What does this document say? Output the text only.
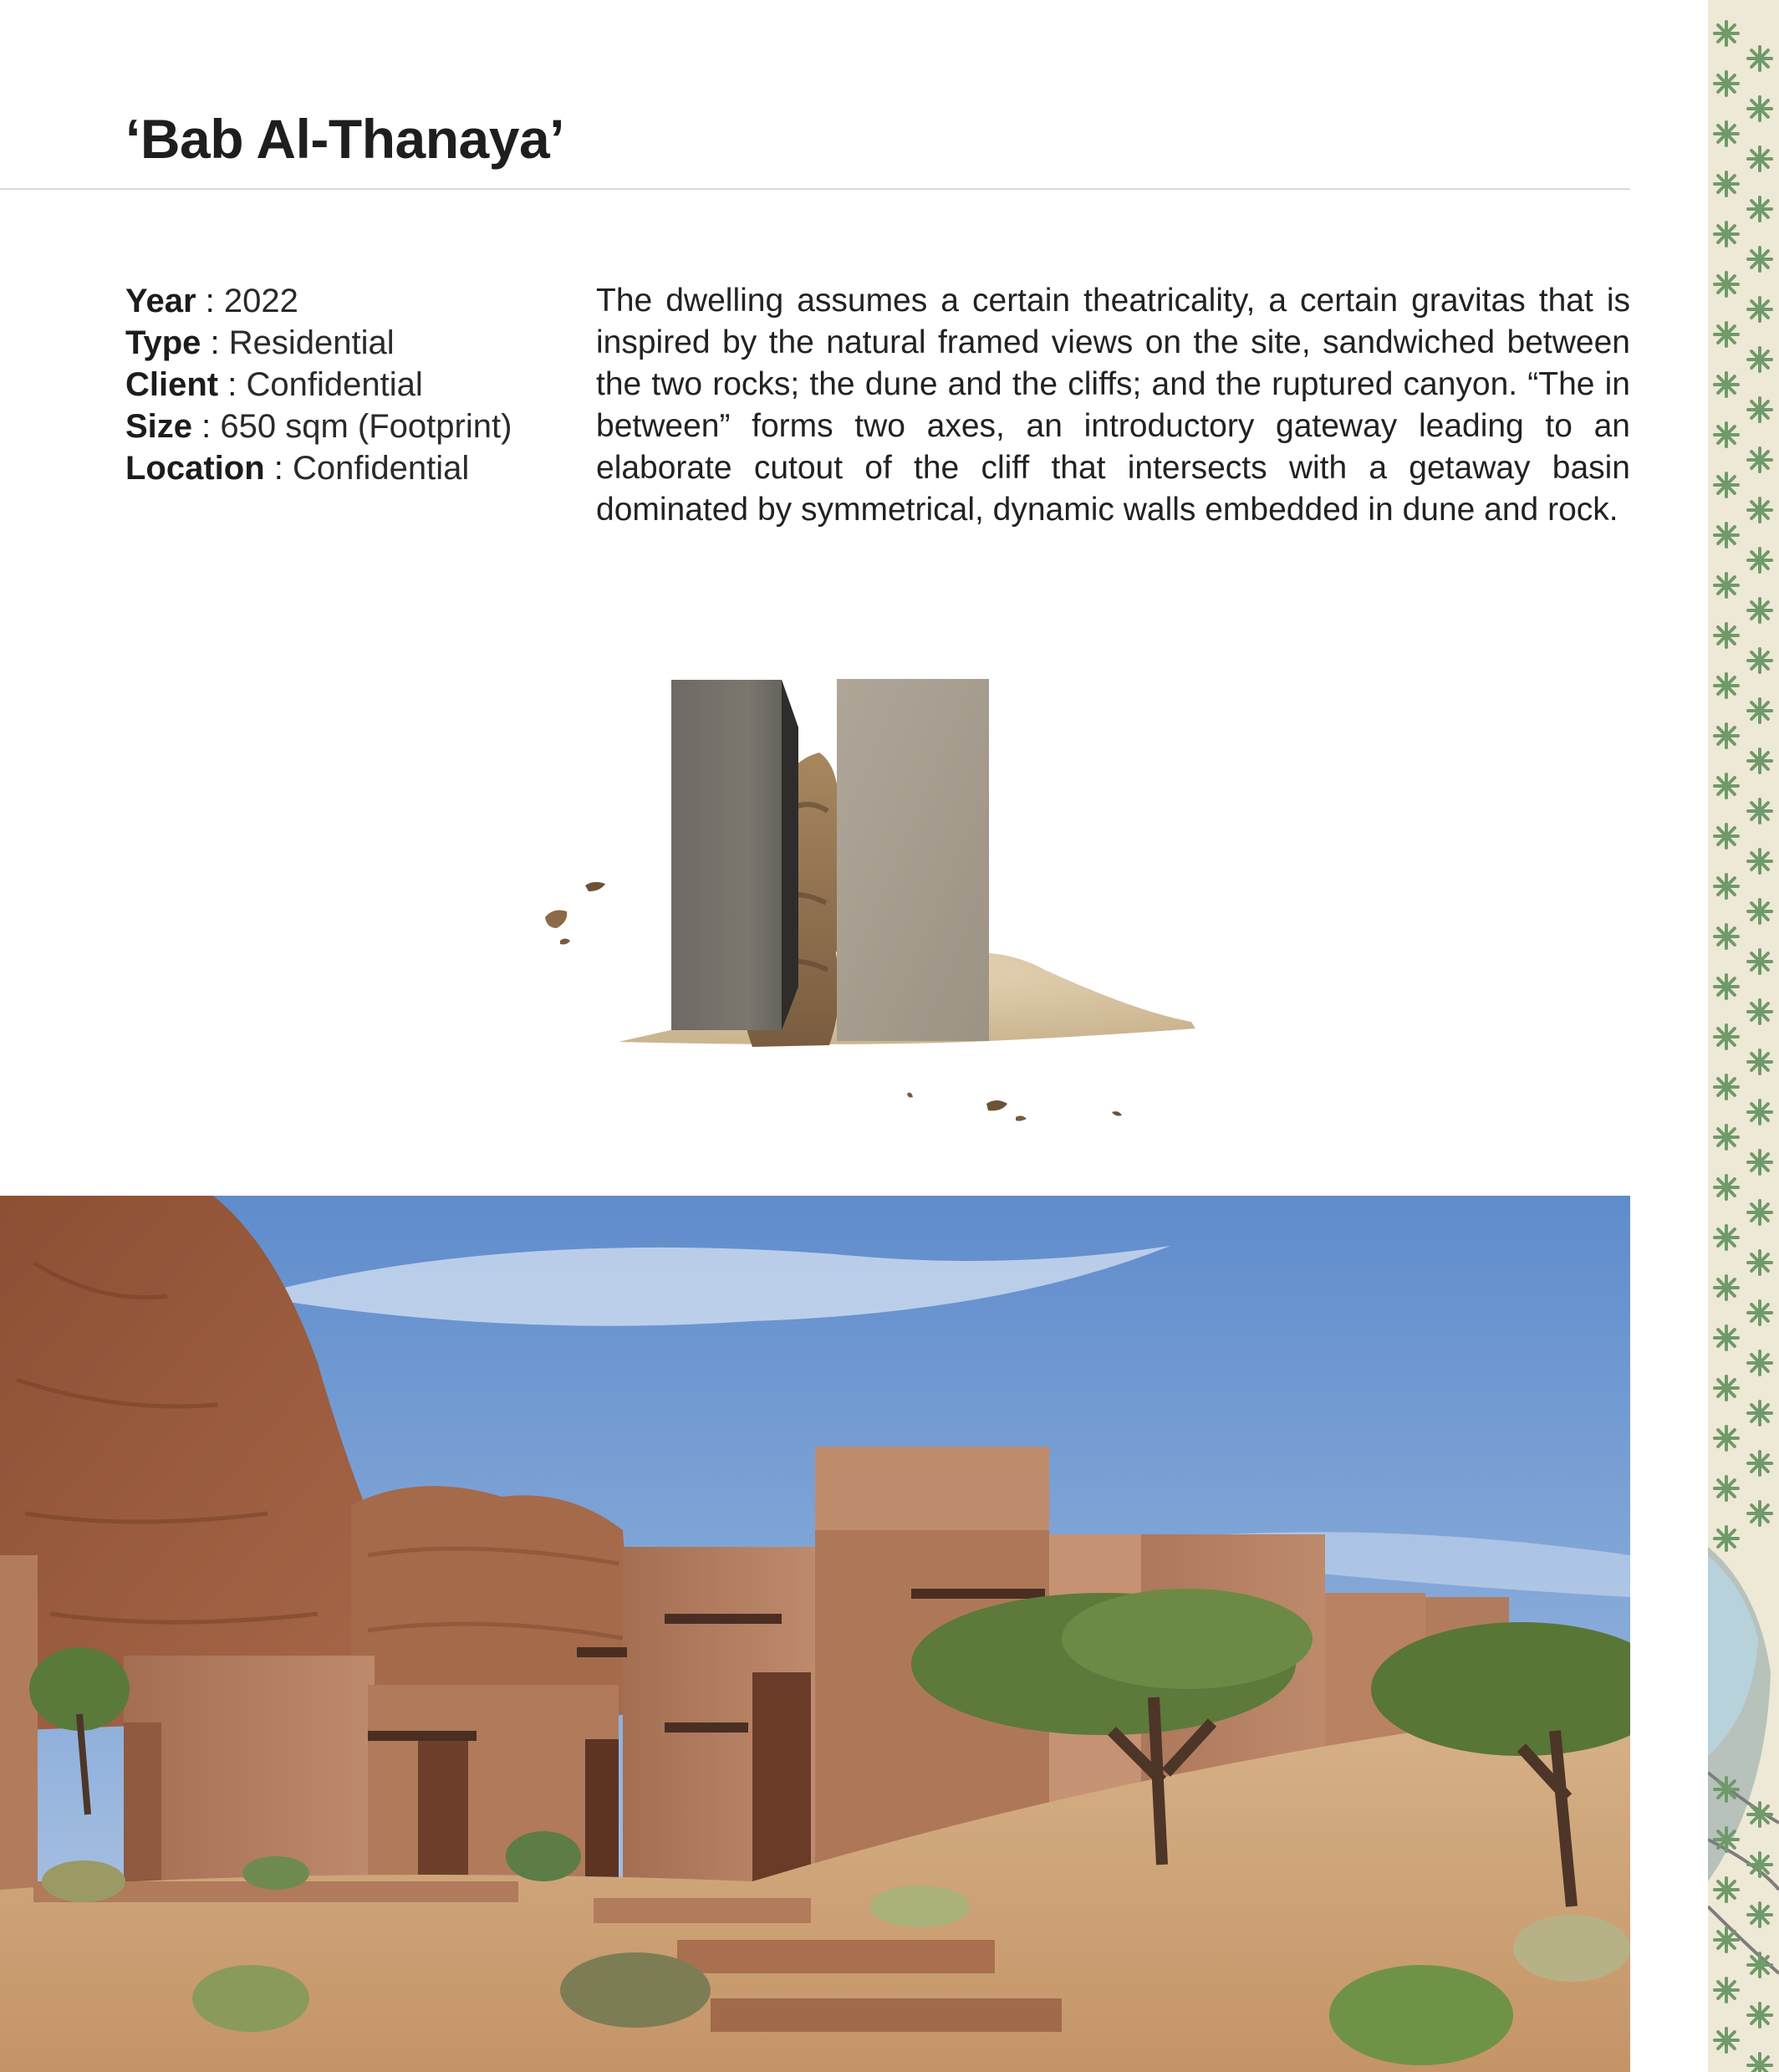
‘Bab Al-Thanaya’
Year : 2022
Type : Residential
Client : Confidential
Size : 650 sqm (Footprint)
Location : Confidential

The dwelling assumes a certain theatricality, a certain gravitas that is inspired by the natural framed views on the site, sandwiched between the two rocks; the dune and the cliffs; and the ruptured canyon. “The in between” forms two axes, an introductory gateway leading to an elaborate cutout of the cliff that intersects with a getaway basin dominated by symmetrical, dynamic walls embedded in dune and rock.
